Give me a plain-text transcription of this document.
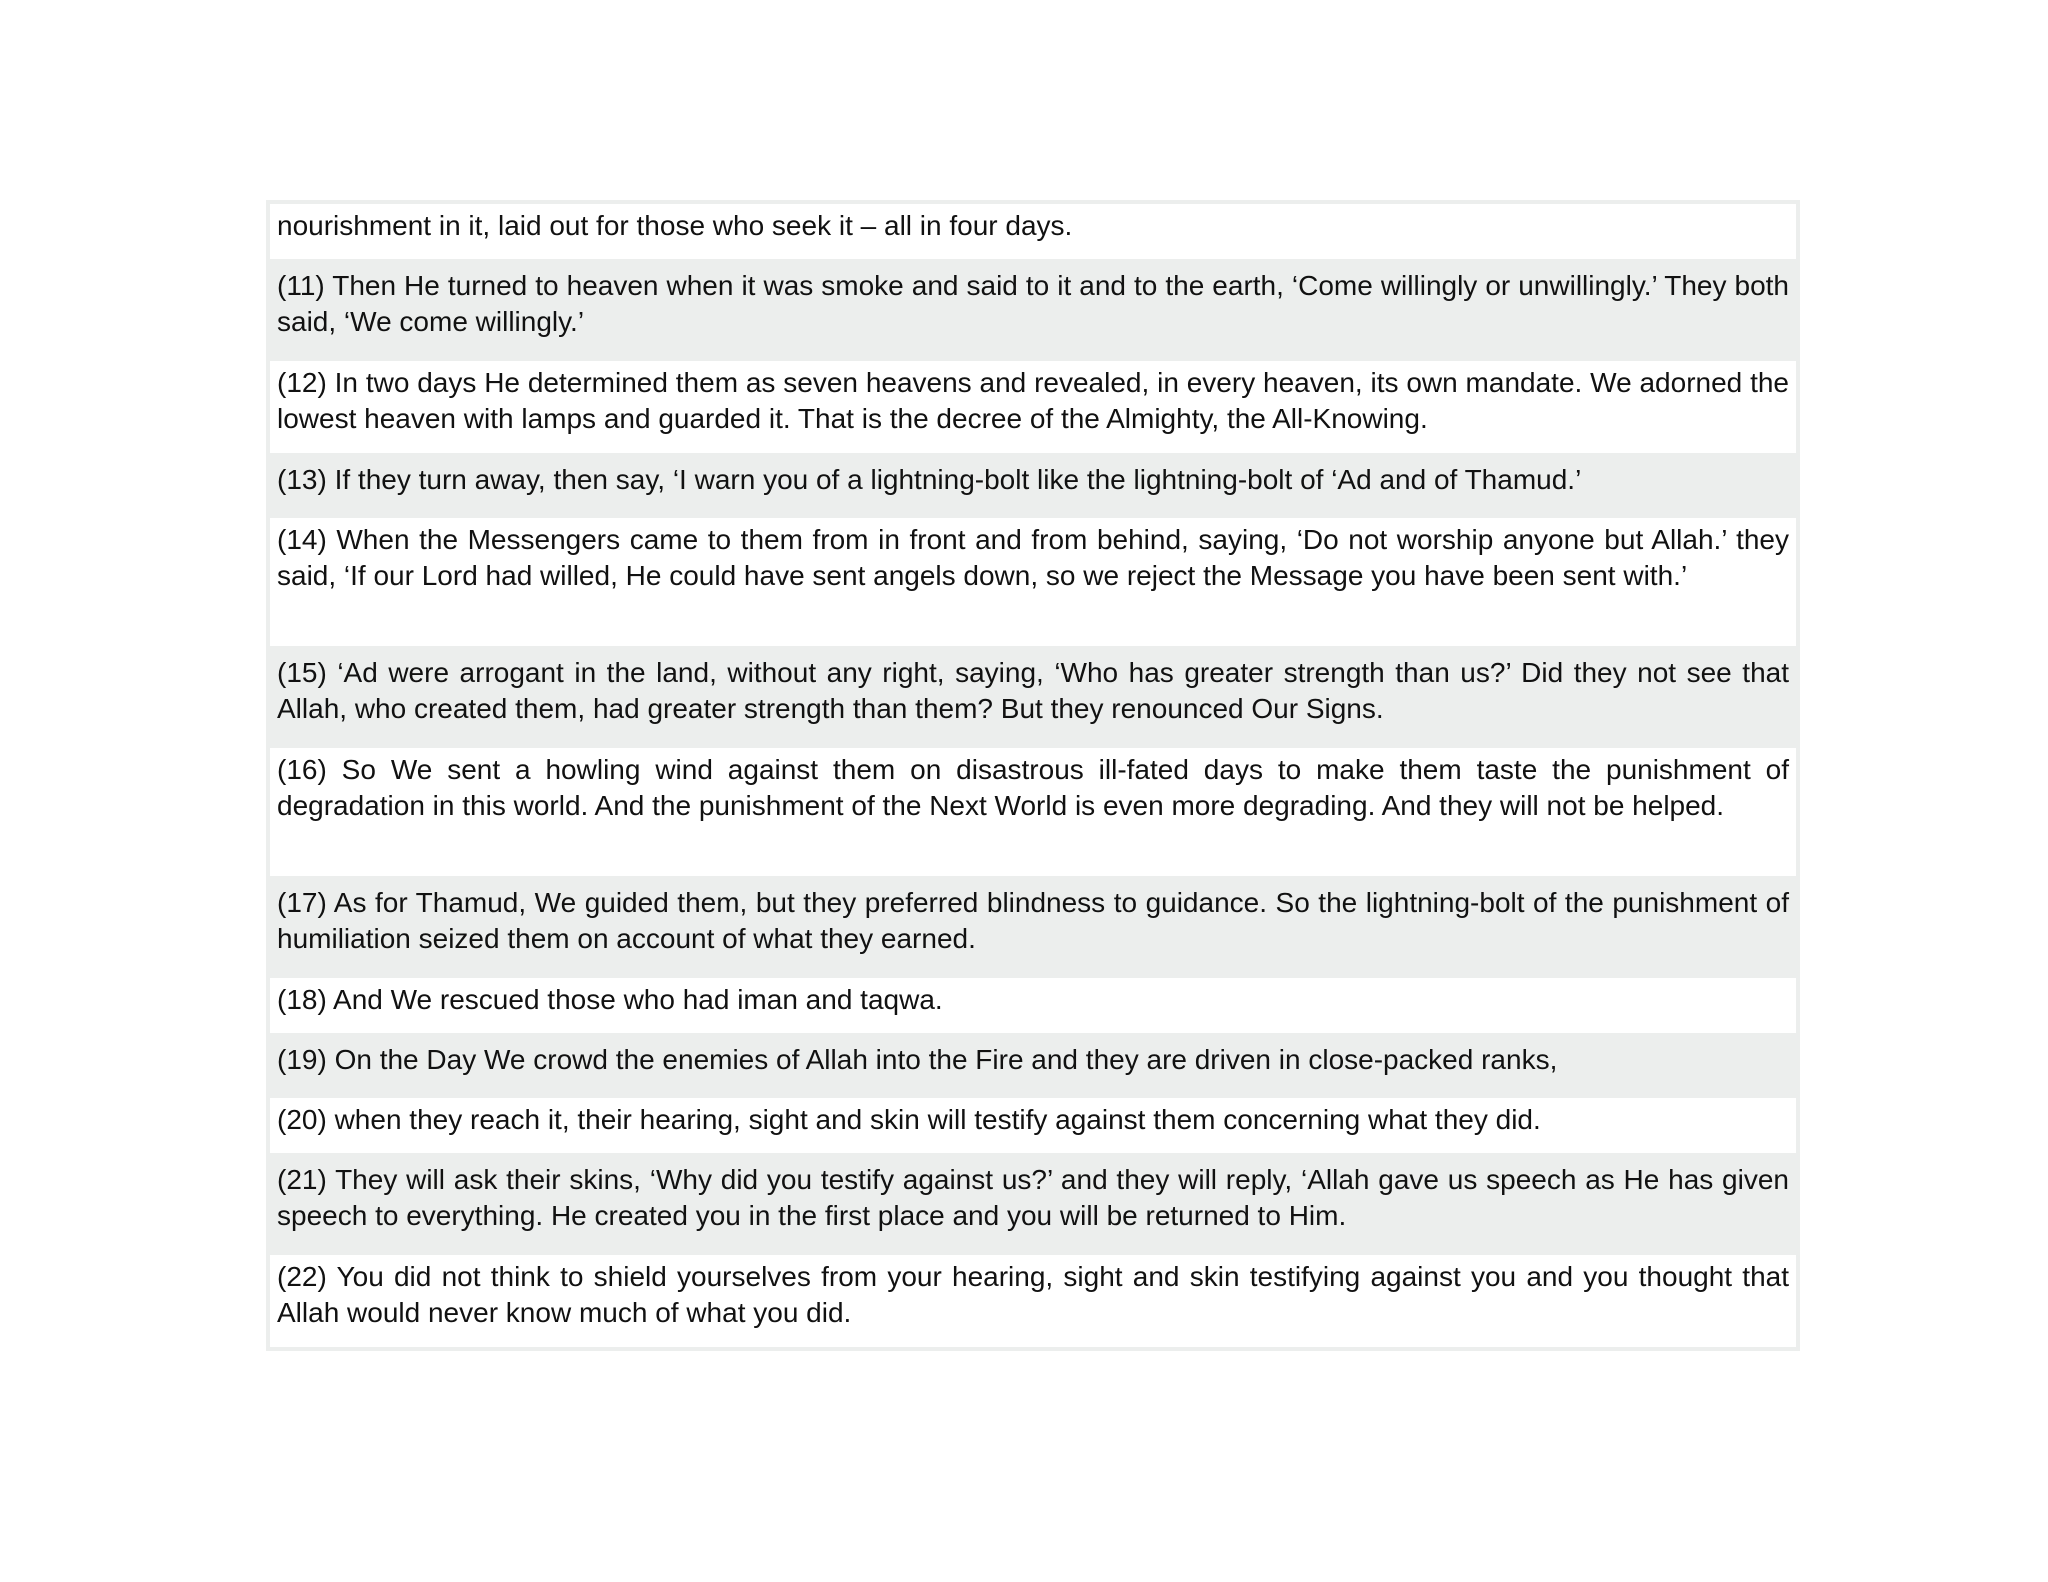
nourishment in it, laid out for those who seek it – all in four days.
(11) Then He turned to heaven when it was smoke and said to it and to the earth, ‘Come willingly or unwillingly.’ They both said, ‘We come willingly.’
(12) In two days He determined them as seven heavens and revealed, in every heaven, its own mandate. We adorned the lowest heaven with lamps and guarded it. That is the decree of the Almighty, the All-Knowing.
(13) If they turn away, then say, ‘I warn you of a lightning-bolt like the lightning-bolt of ‘Ad and of Thamud.’
(14) When the Messengers came to them from in front and from behind, saying, ‘Do not worship anyone but Allah.’ they said, ‘If our Lord had willed, He could have sent angels down, so we reject the Message you have been sent with.’
(15) ‘Ad were arrogant in the land, without any right, saying, ‘Who has greater strength than us?’ Did they not see that Allah, who created them, had greater strength than them? But they renounced Our Signs.
(16) So We sent a howling wind against them on disastrous ill-fated days to make them taste the punishment of degradation in this world. And the punishment of the Next World is even more degrading. And they will not be helped.
(17) As for Thamud, We guided them, but they preferred blindness to guidance. So the lightning-bolt of the punishment of humiliation seized them on account of what they earned.
(18) And We rescued those who had iman and taqwa.
(19) On the Day We crowd the enemies of Allah into the Fire and they are driven in close-packed ranks,
(20) when they reach it, their hearing, sight and skin will testify against them concerning what they did.
(21) They will ask their skins, ‘Why did you testify against us?’ and they will reply, ‘Allah gave us speech as He has given speech to everything. He created you in the first place and you will be returned to Him.
(22) You did not think to shield yourselves from your hearing, sight and skin testifying against you and you thought that Allah would never know much of what you did.
